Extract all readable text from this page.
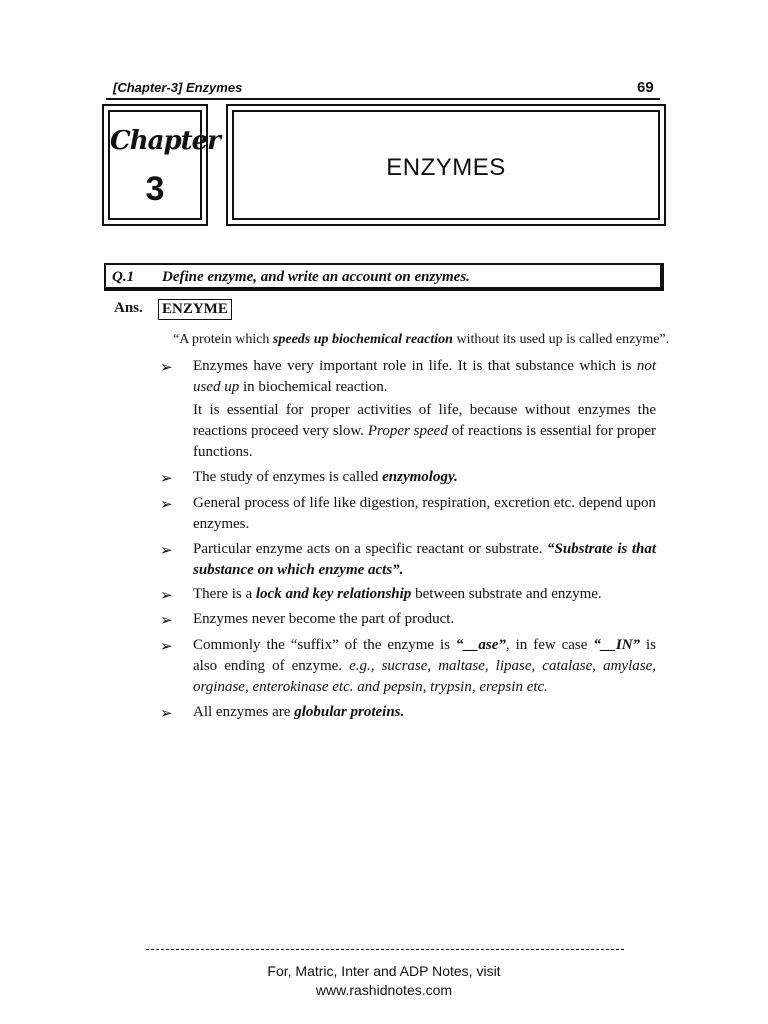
[Chapter-3] Enzymes	69
Chapter
3
ENZYMES
Q.1 Define enzyme, and write an account on enzymes.
Ans. ENZYME
“A protein which speeds up biochemical reaction without its used up is called enzyme”.
➢ Enzymes have very important role in life. It is that substance which is not used up in biochemical reaction.
It is essential for proper activities of life, because without enzymes the reactions proceed very slow. Proper speed of reactions is essential for proper functions.
➢ The study of enzymes is called enzymology.
➢ General process of life like digestion, respiration, excretion etc. depend upon enzymes.
➢ Particular enzyme acts on a specific reactant or substrate. “Substrate is that substance on which enzyme acts”.
➢ There is a lock and key relationship between substrate and enzyme.
➢ Enzymes never become the part of product.
➢ Commonly the “suffix” of the enzyme is “__ase”, in few case “__IN” is also ending of enzyme. e.g., sucrase, maltase, lipase, catalase, amylase, orginase, enterokinase etc. and pepsin, trypsin, erepsin etc.
➢ All enzymes are globular proteins.
For, Matric, Inter and ADP Notes, visit
www.rashidnotes.com
